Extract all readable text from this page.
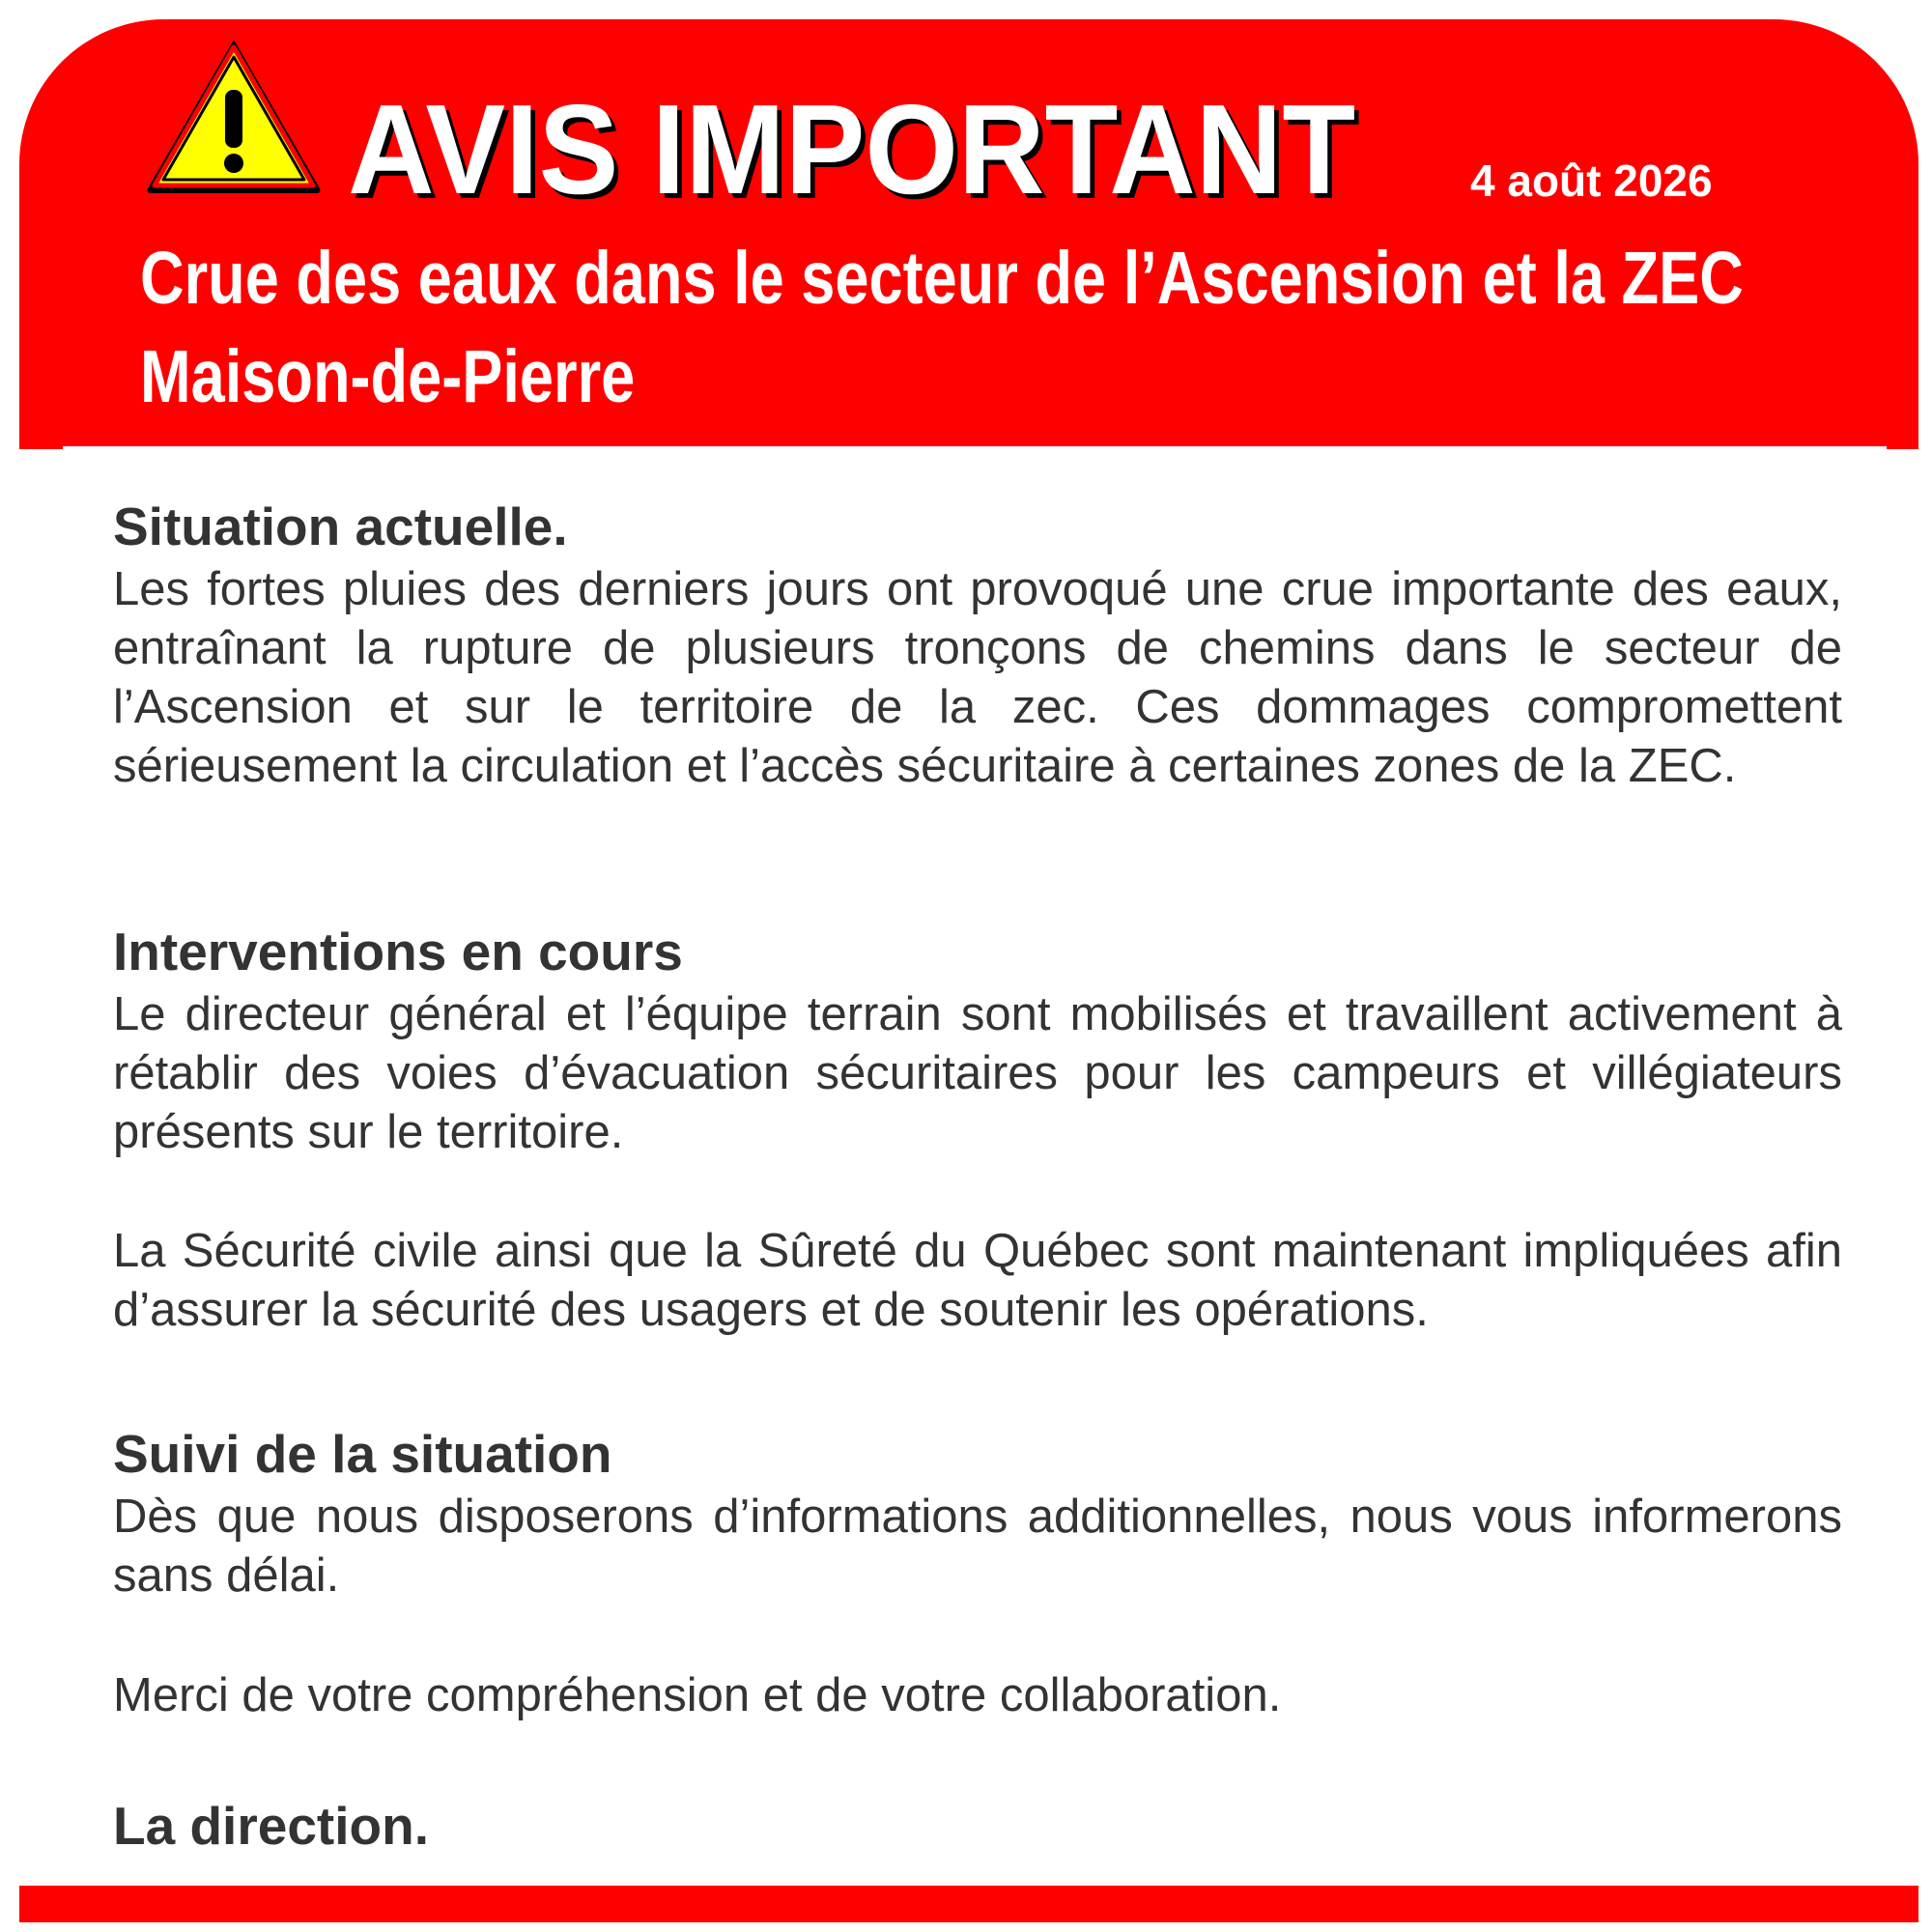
AVIS IMPORTANT	4 août 2026
Crue des eaux dans le secteur de l’Ascension et la ZEC Maison-de-Pierre
Situation actuelle.

Les fortes pluies des derniers jours ont provoqué une crue importante des eaux, entraînant la rupture de plusieurs tronçons de chemins dans le secteur de l’Ascension et sur le territoire de la zec. Ces dommages compromettent sérieusement la circulation et l’accès sécuritaire à certaines zones de la ZEC.

Interventions en cours

Le directeur général et l’équipe terrain sont mobilisés et travaillent activement à rétablir des voies d’évacuation sécuritaires pour les campeurs et villégiateurs présents sur le territoire.

La Sécurité civile ainsi que la Sûreté du Québec sont maintenant impliquées afin d’assurer la sécurité des usagers et de soutenir les opérations.

Suivi de la situation

Dès que nous disposerons d’informations additionnelles, nous vous informerons sans délai.

Merci de votre compréhension et de votre collaboration.

La direction.
